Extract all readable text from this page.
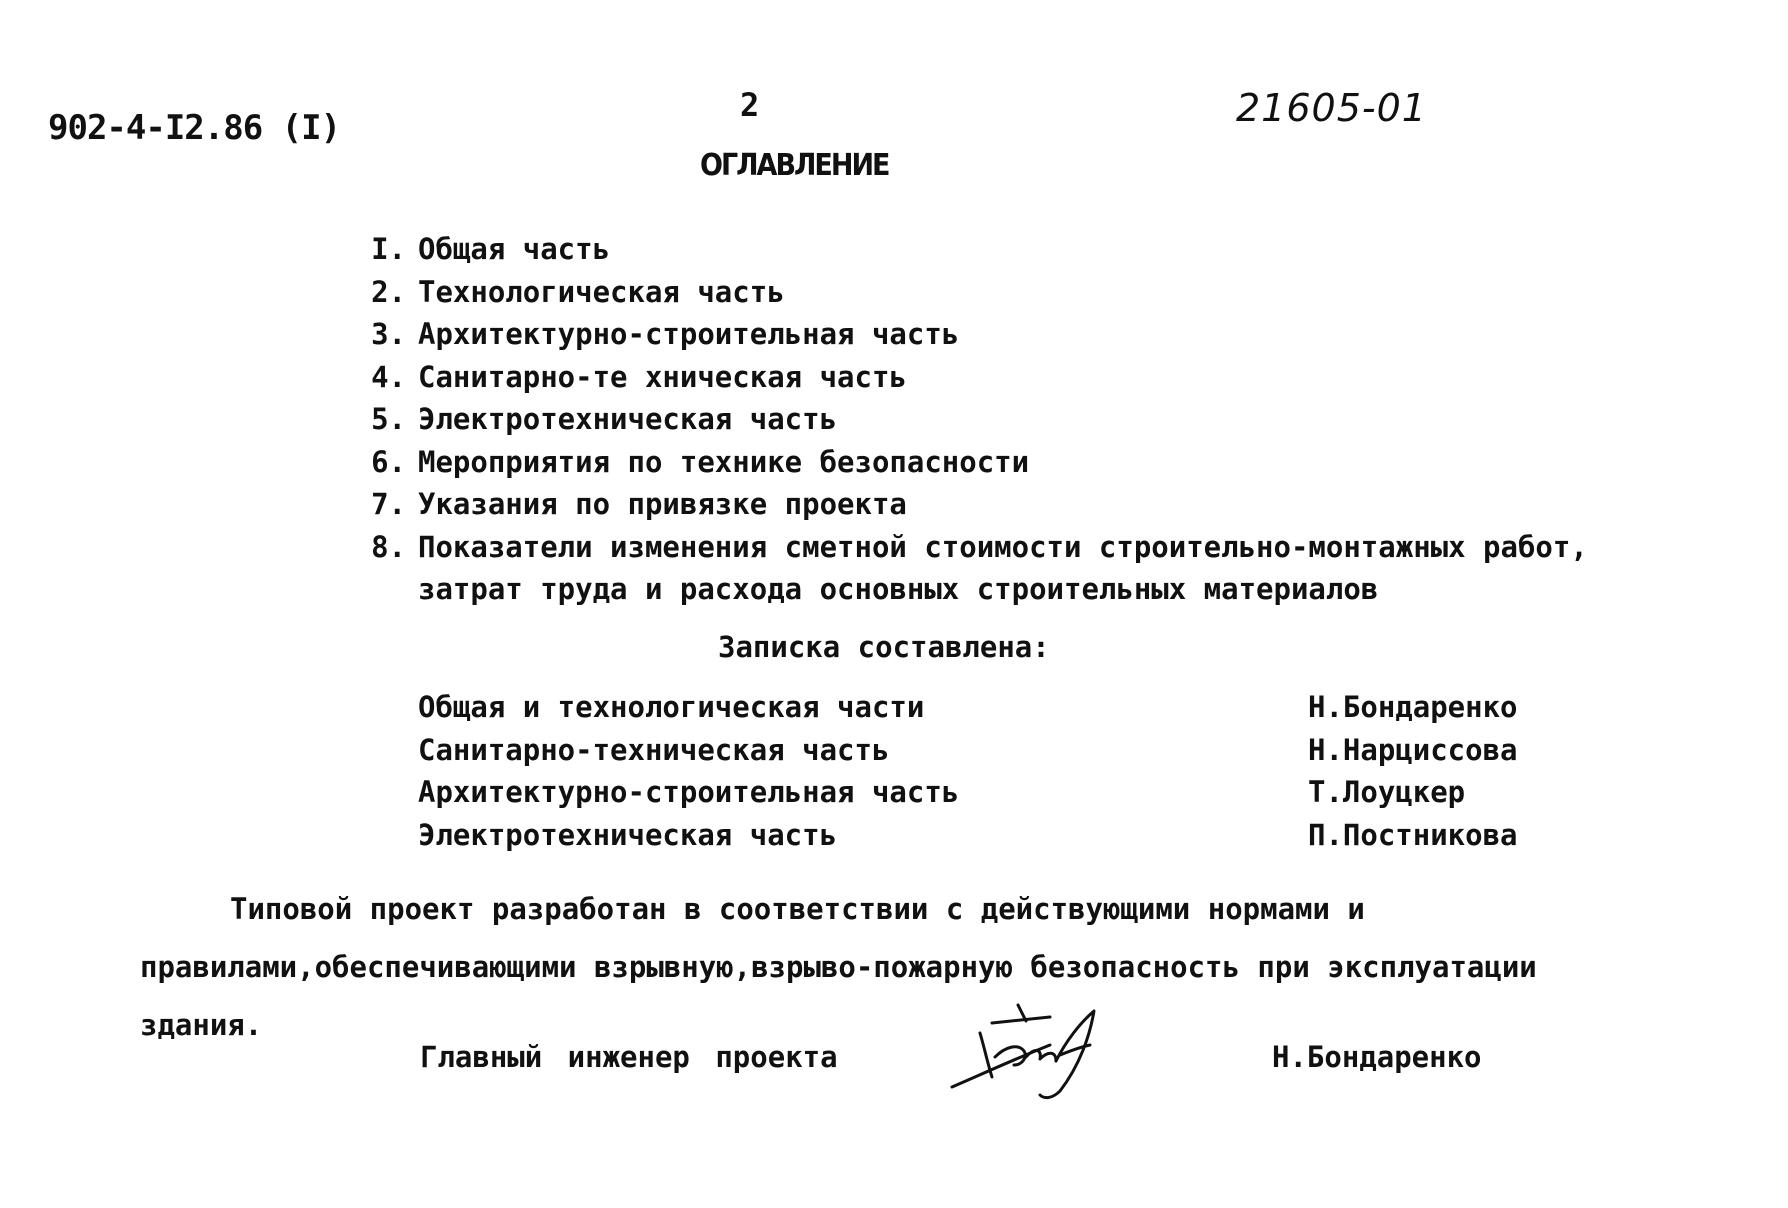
902-4-I2.86 (I)
2	21605-01
ОГЛАВЛЕНИЕ
I. Общая часть
2. Технологическая часть
3. Архитектурно-строительная часть
4. Санитарно-те хническая часть
5. Электротехническая часть
6. Мероприятия по технике безопасности
7. Указания по привязке проекта
8. Показатели изменения сметной стоимости строительно-монтажных работ,
затрат труда и расхода основных строительных материалов
Записка составлена:
Общая и технологическая части	Н.Бондаренко
Санитарно-техническая часть	Н.Нарциссова
Архитектурно-строительная часть	Т.Лоуцкер
Электротехническая часть	П.Постникова
Типовой проект разработан в соответствии с действующими нормами и правилами,обеспечивающими взрывную,взрыво-пожарную безопасность при эксплуатации здания.
Главный инженер проекта	Н.Бондаренко
